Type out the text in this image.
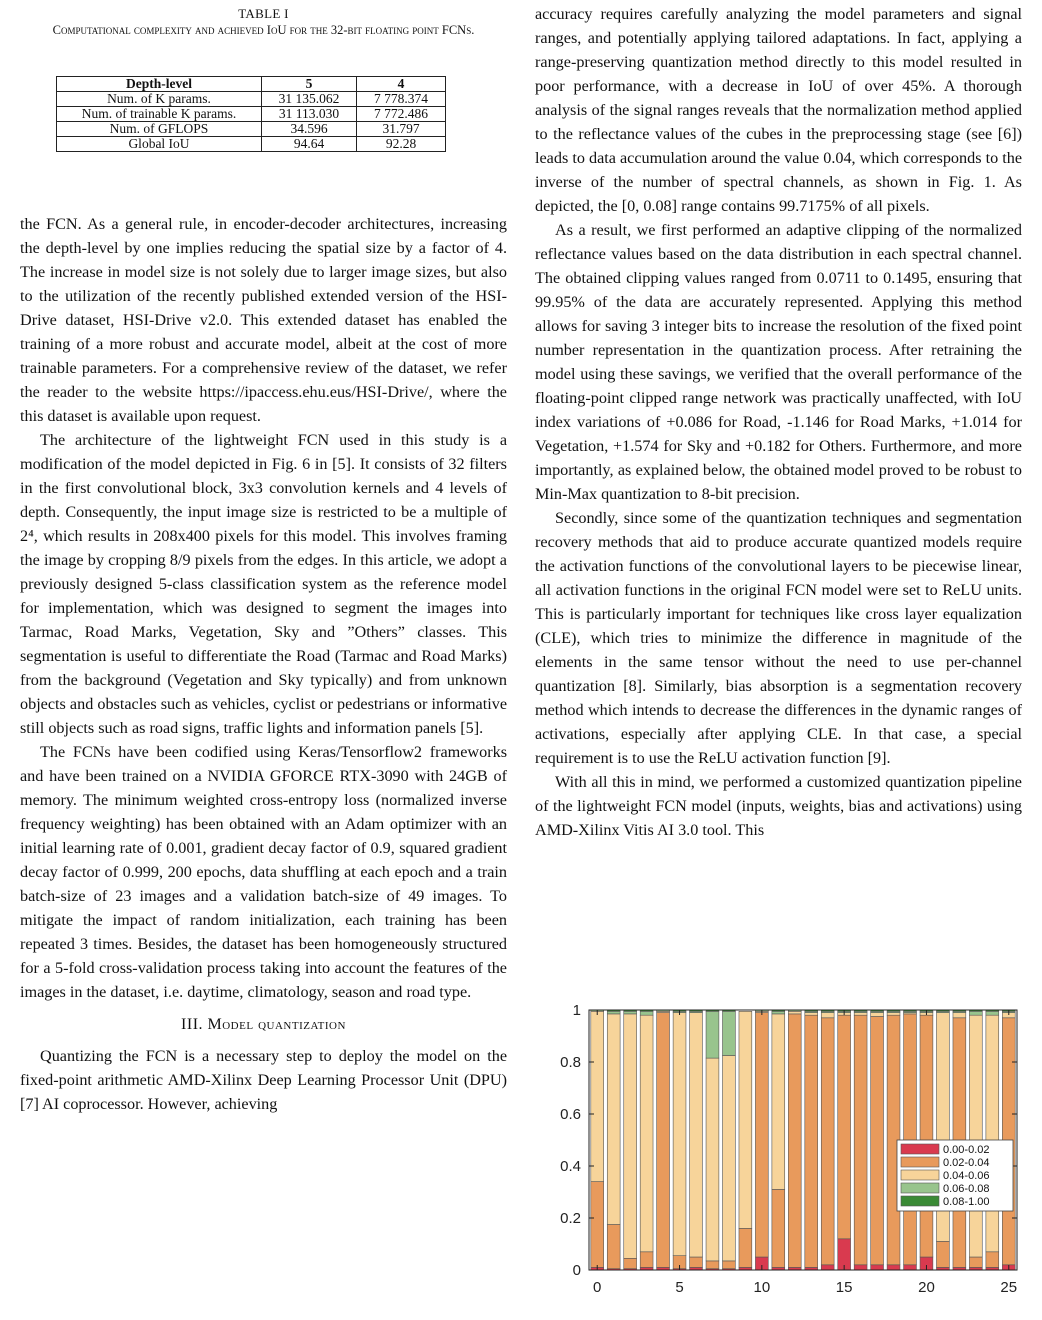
TABLE I
Computational complexity and achieved IoU for the 32-bit floating point FCNs.
Depth-level	5	4
Num. of K params.	31 135.062	7 778.374
Num. of trainable K params.	31 113.030	7 772.486
Num. of GFLOPS	34.596	31.797
Global IoU	94.64	92.28

the FCN. As a general rule, in encoder-decoder architectures, increasing the depth-level by one implies reducing the spatial size by a factor of 4. The increase in model size is not solely due to larger image sizes, but also to the utilization of the recently published extended version of the HSI-Drive dataset, HSI-Drive v2.0. This extended dataset has enabled the training of a more robust and accurate model, albeit at the cost of more trainable parameters. For a comprehensive review of the dataset, we refer the reader to the website https://ipaccess.ehu.eus/HSI-Drive/, where the this dataset is available upon request.

The architecture of the lightweight FCN used in this study is a modification of the model depicted in Fig. 6 in [5]. It consists of 32 filters in the first convolutional block, 3x3 convolution kernels and 4 levels of depth. Consequently, the input image size is restricted to be a multiple of 2⁴, which results in 208x400 pixels for this model. This involves framing the image by cropping 8/9 pixels from the edges. In this article, we adopt a previously designed 5-class classification system as the reference model for implementation, which was designed to segment the images into Tarmac, Road Marks, Vegetation, Sky and ”Others” classes. This segmentation is useful to differentiate the Road (Tarmac and Road Marks) from the background (Vegetation and Sky typically) and from unknown objects and obstacles such as vehicles, cyclist or pedestrians or informative still objects such as road signs, traffic lights and information panels [5].

The FCNs have been codified using Keras/Tensorflow2 frameworks and have been trained on a NVIDIA GFORCE RTX-3090 with 24GB of memory. The minimum weighted cross-entropy loss (normalized inverse frequency weighting) has been obtained with an Adam optimizer with an initial learning rate of 0.001, gradient decay factor of 0.9, squared gradient decay factor of 0.999, 200 epochs, data shuffling at each epoch and a train batch-size of 23 images and a validation batch-size of 49 images. To mitigate the impact of random initialization, each training has been repeated 3 times. Besides, the dataset has been homogeneously structured for a 5-fold cross-validation process taking into account the features of the images in the dataset, i.e. daytime, climatology, season and road type.

III. Model quantization

Quantizing the FCN is a necessary step to deploy the model on the fixed-point arithmetic AMD-Xilinx Deep Learning Processor Unit (DPU) [7] AI coprocessor. However, achieving

accuracy requires carefully analyzing the model parameters and signal ranges, and potentially applying tailored adaptations. In fact, applying a range-preserving quantization method directly to this model resulted in poor performance, with a decrease in IoU of over 45%. A thorough analysis of the signal ranges reveals that the normalization method applied to the reflectance values of the cubes in the preprocessing stage (see [6]) leads to data accumulation around the value 0.04, which corresponds to the inverse of the number of spectral channels, as shown in Fig. 1. As depicted, the [0, 0.08] range contains 99.7175% of all pixels.

As a result, we first performed an adaptive clipping of the normalized reflectance values based on the data distribution in each spectral channel. The obtained clipping values ranged from 0.0711 to 0.1495, ensuring that 99.95% of the data are accurately represented. Applying this method allows for saving 3 integer bits to increase the resolution of the fixed point number representation in the quantization process. After retraining the model using these savings, we verified that the overall performance of the floating-point clipped range network was practically unaffected, with IoU index variations of +0.086 for Road, -1.146 for Road Marks, +1.014 for Vegetation, +1.574 for Sky and +0.182 for Others. Furthermore, and more importantly, as explained below, the obtained model proved to be robust to Min-Max quantization to 8-bit precision.

Secondly, since some of the quantization techniques and segmentation recovery methods that aid to produce accurate quantized models require the activation functions of the convolutional layers to be piecewise linear, all activation functions in the original FCN model were set to ReLU units. This is particularly important for techniques like cross layer equalization (CLE), which tries to minimize the difference in magnitude of the elements in the same tensor without the need to use per-channel quantization [8]. Similarly, bias absorption is a segmentation recovery method which intends to decrease the differences in the dynamic ranges of activations, especially after applying CLE. In that case, a special requirement is to use the ReLU activation function [9].

With all this in mind, we performed a customized quantization pipeline of the lightweight FCN model (inputs, weights, bias and activations) using AMD-Xilinx Vitis AI 3.0 tool. This

0
0.2
0.4
0.6
0.8
1
0	5	10	15	20	25
0.00-0.02
0.02-0.04
0.04-0.06
0.06-0.08
0.08-1.00
